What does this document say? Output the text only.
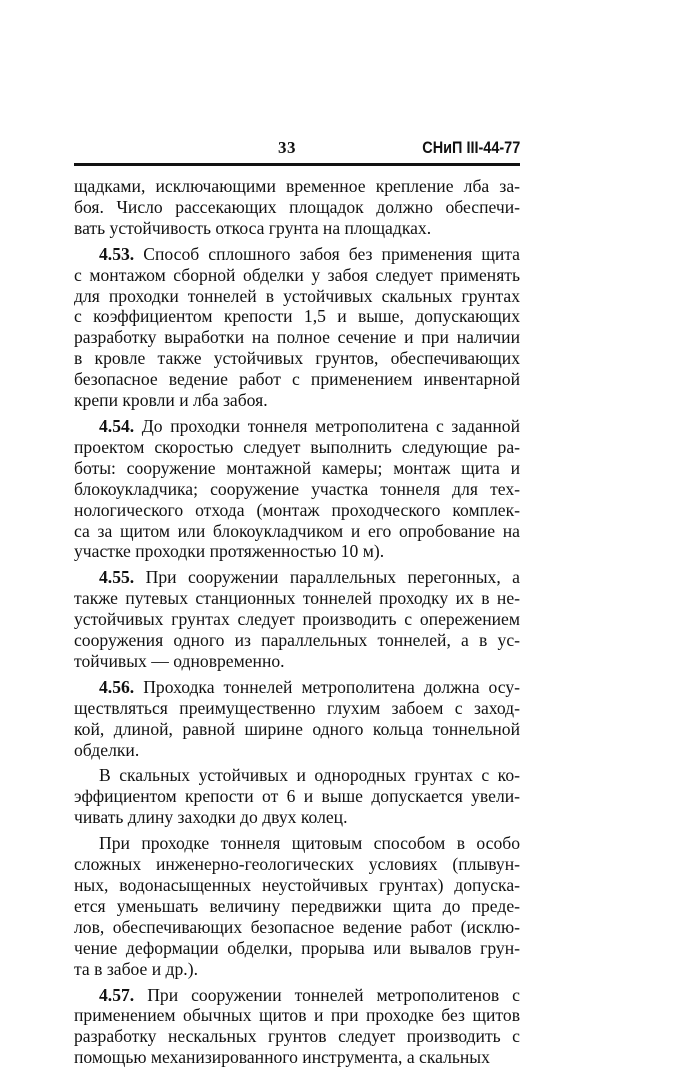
33	СНиП III-44-77
щадками, исключающими временное крепление лба за-
боя. Число рассекающих площадок должно обеспечи-
вать устойчивость откоса грунта на площадках.
4.53. Способ сплошного забоя без применения щита
с монтажом сборной обделки у забоя следует применять
для проходки тоннелей в устойчивых скальных грунтах
с коэффициентом крепости 1,5 и выше, допускающих
разработку выработки на полное сечение и при наличии
в кровле также устойчивых грунтов, обеспечивающих
безопасное ведение работ с применением инвентарной
крепи кровли и лба забоя.
4.54. До проходки тоннеля метрополитена с заданной
проектом скоростью следует выполнить следующие ра-
боты: сооружение монтажной камеры; монтаж щита и
блокоукладчика; сооружение участка тоннеля для тех-
нологического отхода (монтаж проходческого комплек-
са за щитом или блокоукладчиком и его опробование на
участке проходки протяженностью 10 м).
4.55. При сооружении параллельных перегонных, а
также путевых станционных тоннелей проходку их в не-
устойчивых грунтах следует производить с опережением
сооружения одного из параллельных тоннелей, а в ус-
тойчивых — одновременно.
4.56. Проходка тоннелей метрополитена должна осу-
ществляться преимущественно глухим забоем с заход-
кой, длиной, равной ширине одного кольца тоннельной
обделки.
В скальных устойчивых и однородных грунтах с ко-
эффициентом крепости от 6 и выше допускается увели-
чивать длину заходки до двух колец.
При проходке тоннеля щитовым способом в особо
сложных инженерно-геологических условиях (плывун-
ных, водонасыщенных неустойчивых грунтах) допуска-
ется уменьшать величину передвижки щита до преде-
лов, обеспечивающих безопасное ведение работ (исклю-
чение деформации обделки, прорыва или вывалов грун-
та в забое и др.).
4.57. При сооружении тоннелей метрополитенов с
применением обычных щитов и при проходке без щитов
разработку нескальных грунтов следует производить с
помощью механизированного инструмента, а скальных
